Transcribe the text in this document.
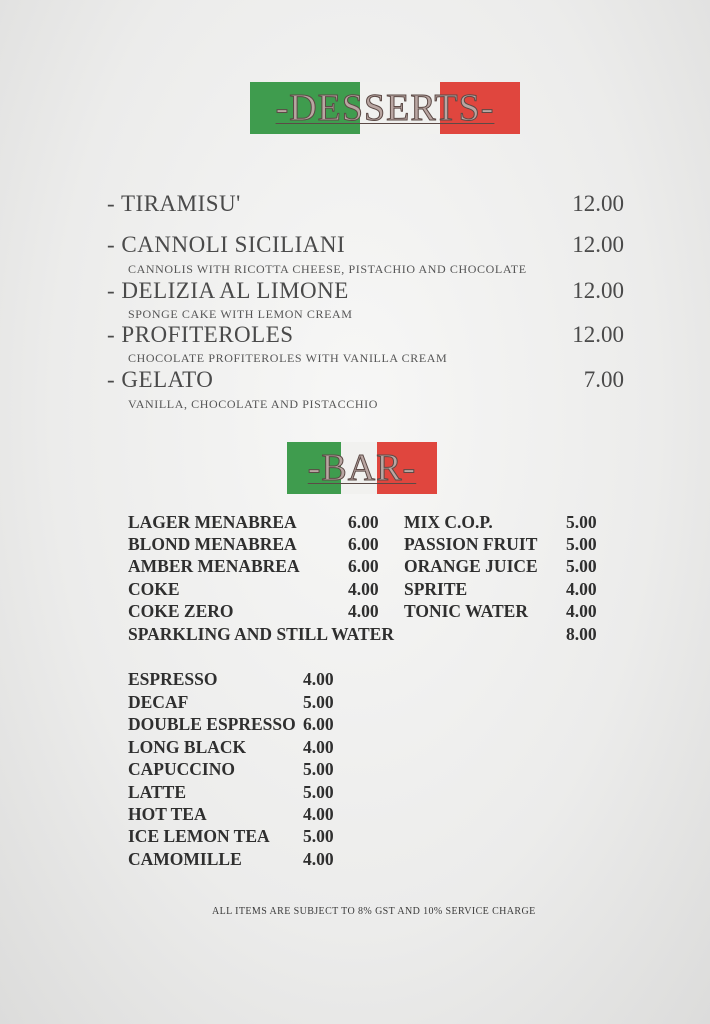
-DESSERTS-
- TIRAMISU'	12.00
- CANNOLI SICILIANI	12.00
CANNOLIS WITH RICOTTA CHEESE, PISTACHIO AND CHOCOLATE
- DELIZIA AL LIMONE	12.00
SPONGE CAKE WITH LEMON CREAM
- PROFITEROLES	12.00
CHOCOLATE PROFITEROLES WITH VANILLA CREAM
- GELATO	7.00
VANILLA, CHOCOLATE AND PISTACCHIO
-BAR-
LAGER MENABREA	6.00
BLOND MENABREA	6.00
AMBER MENABREA	6.00
COKE	4.00
COKE ZERO	4.00
MIX C.O.P.	5.00
PASSION FRUIT 5.00
ORANGE JUICE 5.00
SPRITE	4.00
TONIC WATER 4.00
SPARKLING AND STILL WATER	8.00
ESPRESSO	4.00
DECAF	5.00
DOUBLE ESPRESSO 6.00
LONG BLACK	4.00
CAPUCCINO	5.00
LATTE	5.00
HOT TEA	4.00
ICE LEMON TEA 5.00
CAMOMILLE	4.00
ALL ITEMS ARE SUBJECT TO 8% GST AND 10% SERVICE CHARGE
